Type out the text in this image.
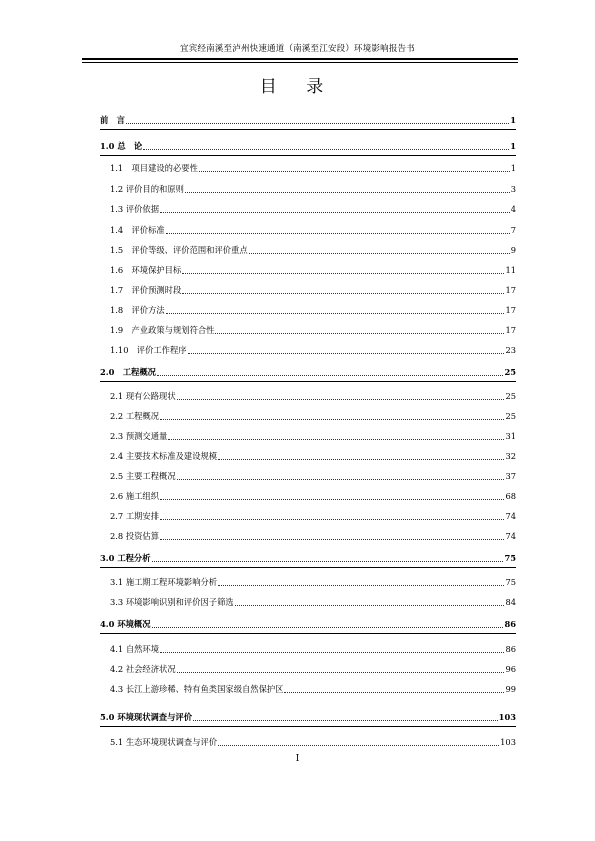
宜宾经南溪至泸州快速通道（南溪至江安段）环境影响报告书
目 录
前　言	1
1.0 总　论	1
1.1　项目建设的必要性	1
1.2 评价目的和原则	3
1.3 评价依据	4
1.4　评价标准	7
1.5　评价等级、评价范围和评价重点	9
1.6　环境保护目标	11
1.7　评价预测时段	17
1.8　评价方法	17
1.9　产业政策与规划符合性	17
1.10　评价工作程序	23
2.0　工程概况	25
2.1 现有公路现状	25
2.2 工程概况	25
2.3 预测交通量	31
2.4 主要技术标准及建设规模	32
2.5 主要工程概况	37
2.6 施工组织	68
2.7 工期安排	74
2.8 投资估算	74
3.0 工程分析	75
3.1 施工期工程环境影响分析	75
3.3 环境影响识别和评价因子筛选	84
4.0 环境概况	86
4.1 自然环境	86
4.2 社会经济状况	96
4.3 长江上游珍稀、特有鱼类国家级自然保护区	99
5.0 环境现状调查与评价	103
5.1 生态环境现状调查与评价	103
I
